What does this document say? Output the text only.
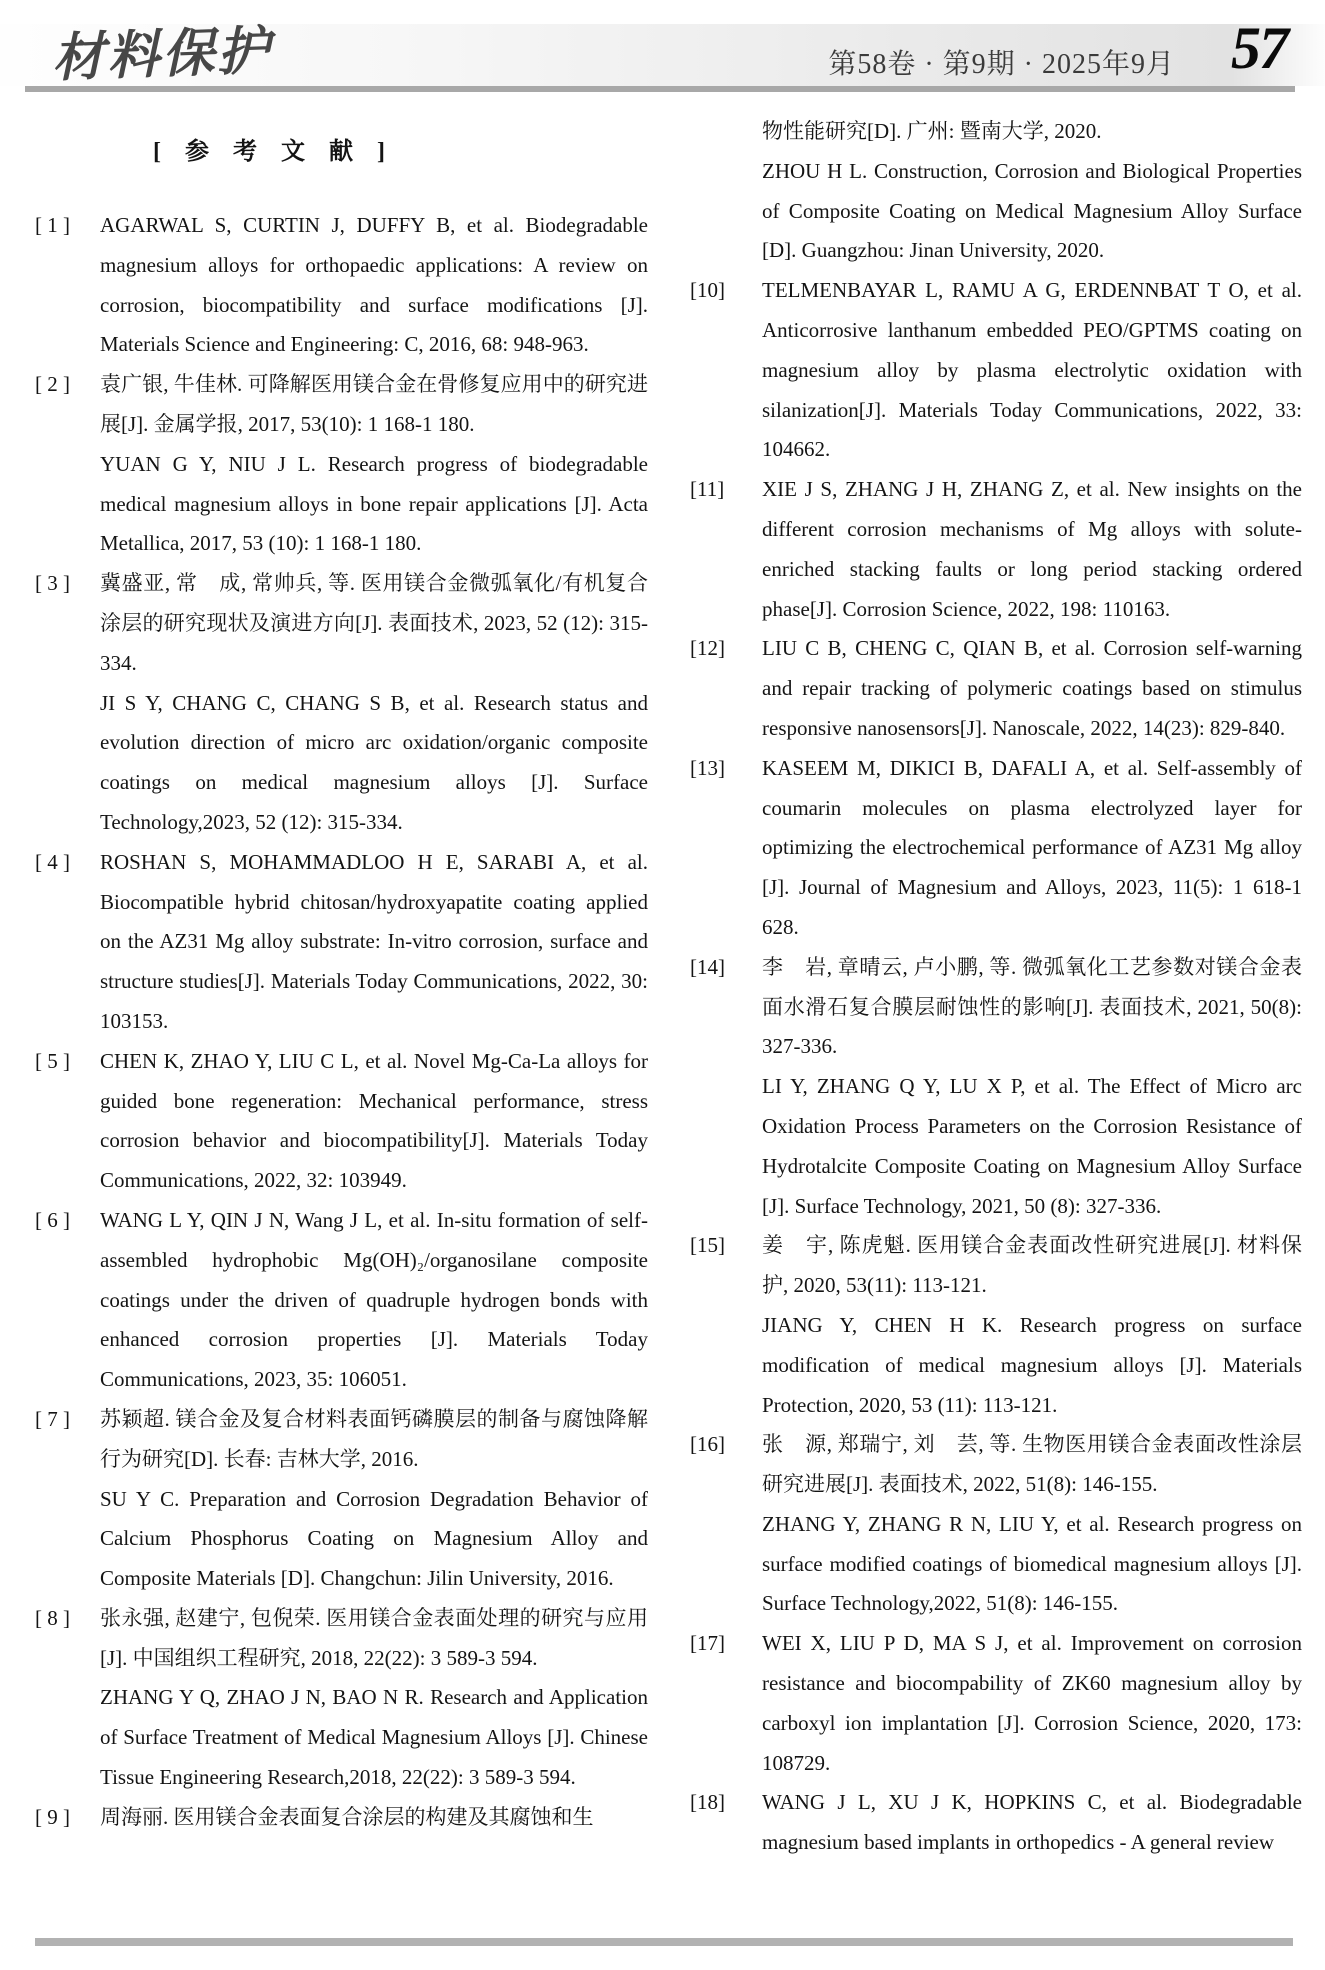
材料保护	第58卷 · 第9期 · 2025年9月 57
[ 参 考 文 献 ]
[ 1 ] AGARWAL S, CURTIN J, DUFFY B, et al. Biodegradable magnesium alloys for orthopaedic applications: A review on corrosion, biocompatibility and surface modifications [J]. Materials Science and Engineering: C, 2016, 68: 948-963.

[ 2 ] 袁广银, 牛佳林. 可降解医用镁合金在骨修复应用中的研究进展[J]. 金属学报, 2017, 53(10): 1 168-1 180.

YUAN G Y, NIU J L. Research progress of biodegradable medical magnesium alloys in bone repair applications [J]. Acta Metallica, 2017, 53 (10): 1 168-1 180.

[ 3 ] 冀盛亚, 常　成, 常帅兵, 等. 医用镁合金微弧氧化/有机复合涂层的研究现状及演进方向[J]. 表面技术, 2023, 52 (12): 315-334.

JI S Y, CHANG C, CHANG S B, et al. Research status and evolution direction of micro arc oxidation/organic composite coatings on medical magnesium alloys [J]. Surface Technology,2023, 52 (12): 315-334.

[ 4 ] ROSHAN S, MOHAMMADLOO H E, SARABI A, et al. Biocompatible hybrid chitosan/hydroxyapatite coating applied on the AZ31 Mg alloy substrate: In-vitro corrosion, surface and structure studies[J]. Materials Today Communications, 2022, 30: 103153.

[ 5 ] CHEN K, ZHAO Y, LIU C L, et al. Novel Mg-Ca-La alloys for guided bone regeneration: Mechanical performance, stress corrosion behavior and biocompatibility[J]. Materials Today Communications, 2022, 32: 103949.

[ 6 ] WANG L Y, QIN J N, Wang J L, et al. In-situ formation of self-assembled hydrophobic Mg(OH)₂/organosilane composite coatings under the driven of quadruple hydrogen bonds with enhanced corrosion properties [J]. Materials Today Communications, 2023, 35: 106051.

[ 7 ] 苏颖超. 镁合金及复合材料表面钙磷膜层的制备与腐蚀降解行为研究[D]. 长春: 吉林大学, 2016.

SU Y C. Preparation and Corrosion Degradation Behavior of Calcium Phosphorus Coating on Magnesium Alloy and Composite Materials [D]. Changchun: Jilin University, 2016.

[ 8 ] 张永强, 赵建宁, 包倪荣. 医用镁合金表面处理的研究与应用[J]. 中国组织工程研究, 2018, 22(22): 3 589-3 594.

ZHANG Y Q, ZHAO J N, BAO N R. Research and Application of Surface Treatment of Medical Magnesium Alloys [J]. Chinese Tissue Engineering Research,2018, 22(22): 3 589-3 594.

[ 9 ] 周海丽. 医用镁合金表面复合涂层的构建及其腐蚀和生

物性能研究[D]. 广州: 暨南大学, 2020.

ZHOU H L. Construction, Corrosion and Biological Properties of Composite Coating on Medical Magnesium Alloy Surface [D]. Guangzhou: Jinan University, 2020.

[10] TELMENBAYAR L, RAMU A G, ERDENNBAT T O, et al. Anticorrosive lanthanum embedded PEO/GPTMS coating on magnesium alloy by plasma electrolytic oxidation with silanization[J]. Materials Today Communications, 2022, 33: 104662.

[11] XIE J S, ZHANG J H, ZHANG Z, et al. New insights on the different corrosion mechanisms of Mg alloys with solute-enriched stacking faults or long period stacking ordered phase[J]. Corrosion Science, 2022, 198: 110163.

[12] LIU C B, CHENG C, QIAN B, et al. Corrosion self-warning and repair tracking of polymeric coatings based on stimulus responsive nanosensors[J]. Nanoscale, 2022, 14(23): 829-840.

[13] KASEEM M, DIKICI B, DAFALI A, et al. Self-assembly of coumarin molecules on plasma electrolyzed layer for optimizing the electrochemical performance of AZ31 Mg alloy [J]. Journal of Magnesium and Alloys, 2023, 11(5): 1 618-1 628.

[14] 李　岩, 章晴云, 卢小鹏, 等. 微弧氧化工艺参数对镁合金表面水滑石复合膜层耐蚀性的影响[J]. 表面技术, 2021, 50(8): 327-336.

LI Y, ZHANG Q Y, LU X P, et al. The Effect of Micro arc Oxidation Process Parameters on the Corrosion Resistance of Hydrotalcite Composite Coating on Magnesium Alloy Surface [J]. Surface Technology, 2021, 50 (8): 327-336.

[15] 姜　宇, 陈虎魁. 医用镁合金表面改性研究进展[J]. 材料保护, 2020, 53(11): 113-121.

JIANG Y, CHEN H K. Research progress on surface modification of medical magnesium alloys [J]. Materials Protection, 2020, 53 (11): 113-121.

[16] 张　源, 郑瑞宁, 刘　芸, 等. 生物医用镁合金表面改性涂层研究进展[J]. 表面技术, 2022, 51(8): 146-155.

ZHANG Y, ZHANG R N, LIU Y, et al. Research progress on surface modified coatings of biomedical magnesium alloys [J]. Surface Technology,2022, 51(8): 146-155.

[17] WEI X, LIU P D, MA S J, et al. Improvement on corrosion resistance and biocompability of ZK60 magnesium alloy by carboxyl ion implantation [J]. Corrosion Science, 2020, 173: 108729.

[18] WANG J L, XU J K, HOPKINS C, et al. Biodegradable magnesium based implants in orthopedics - A general review
